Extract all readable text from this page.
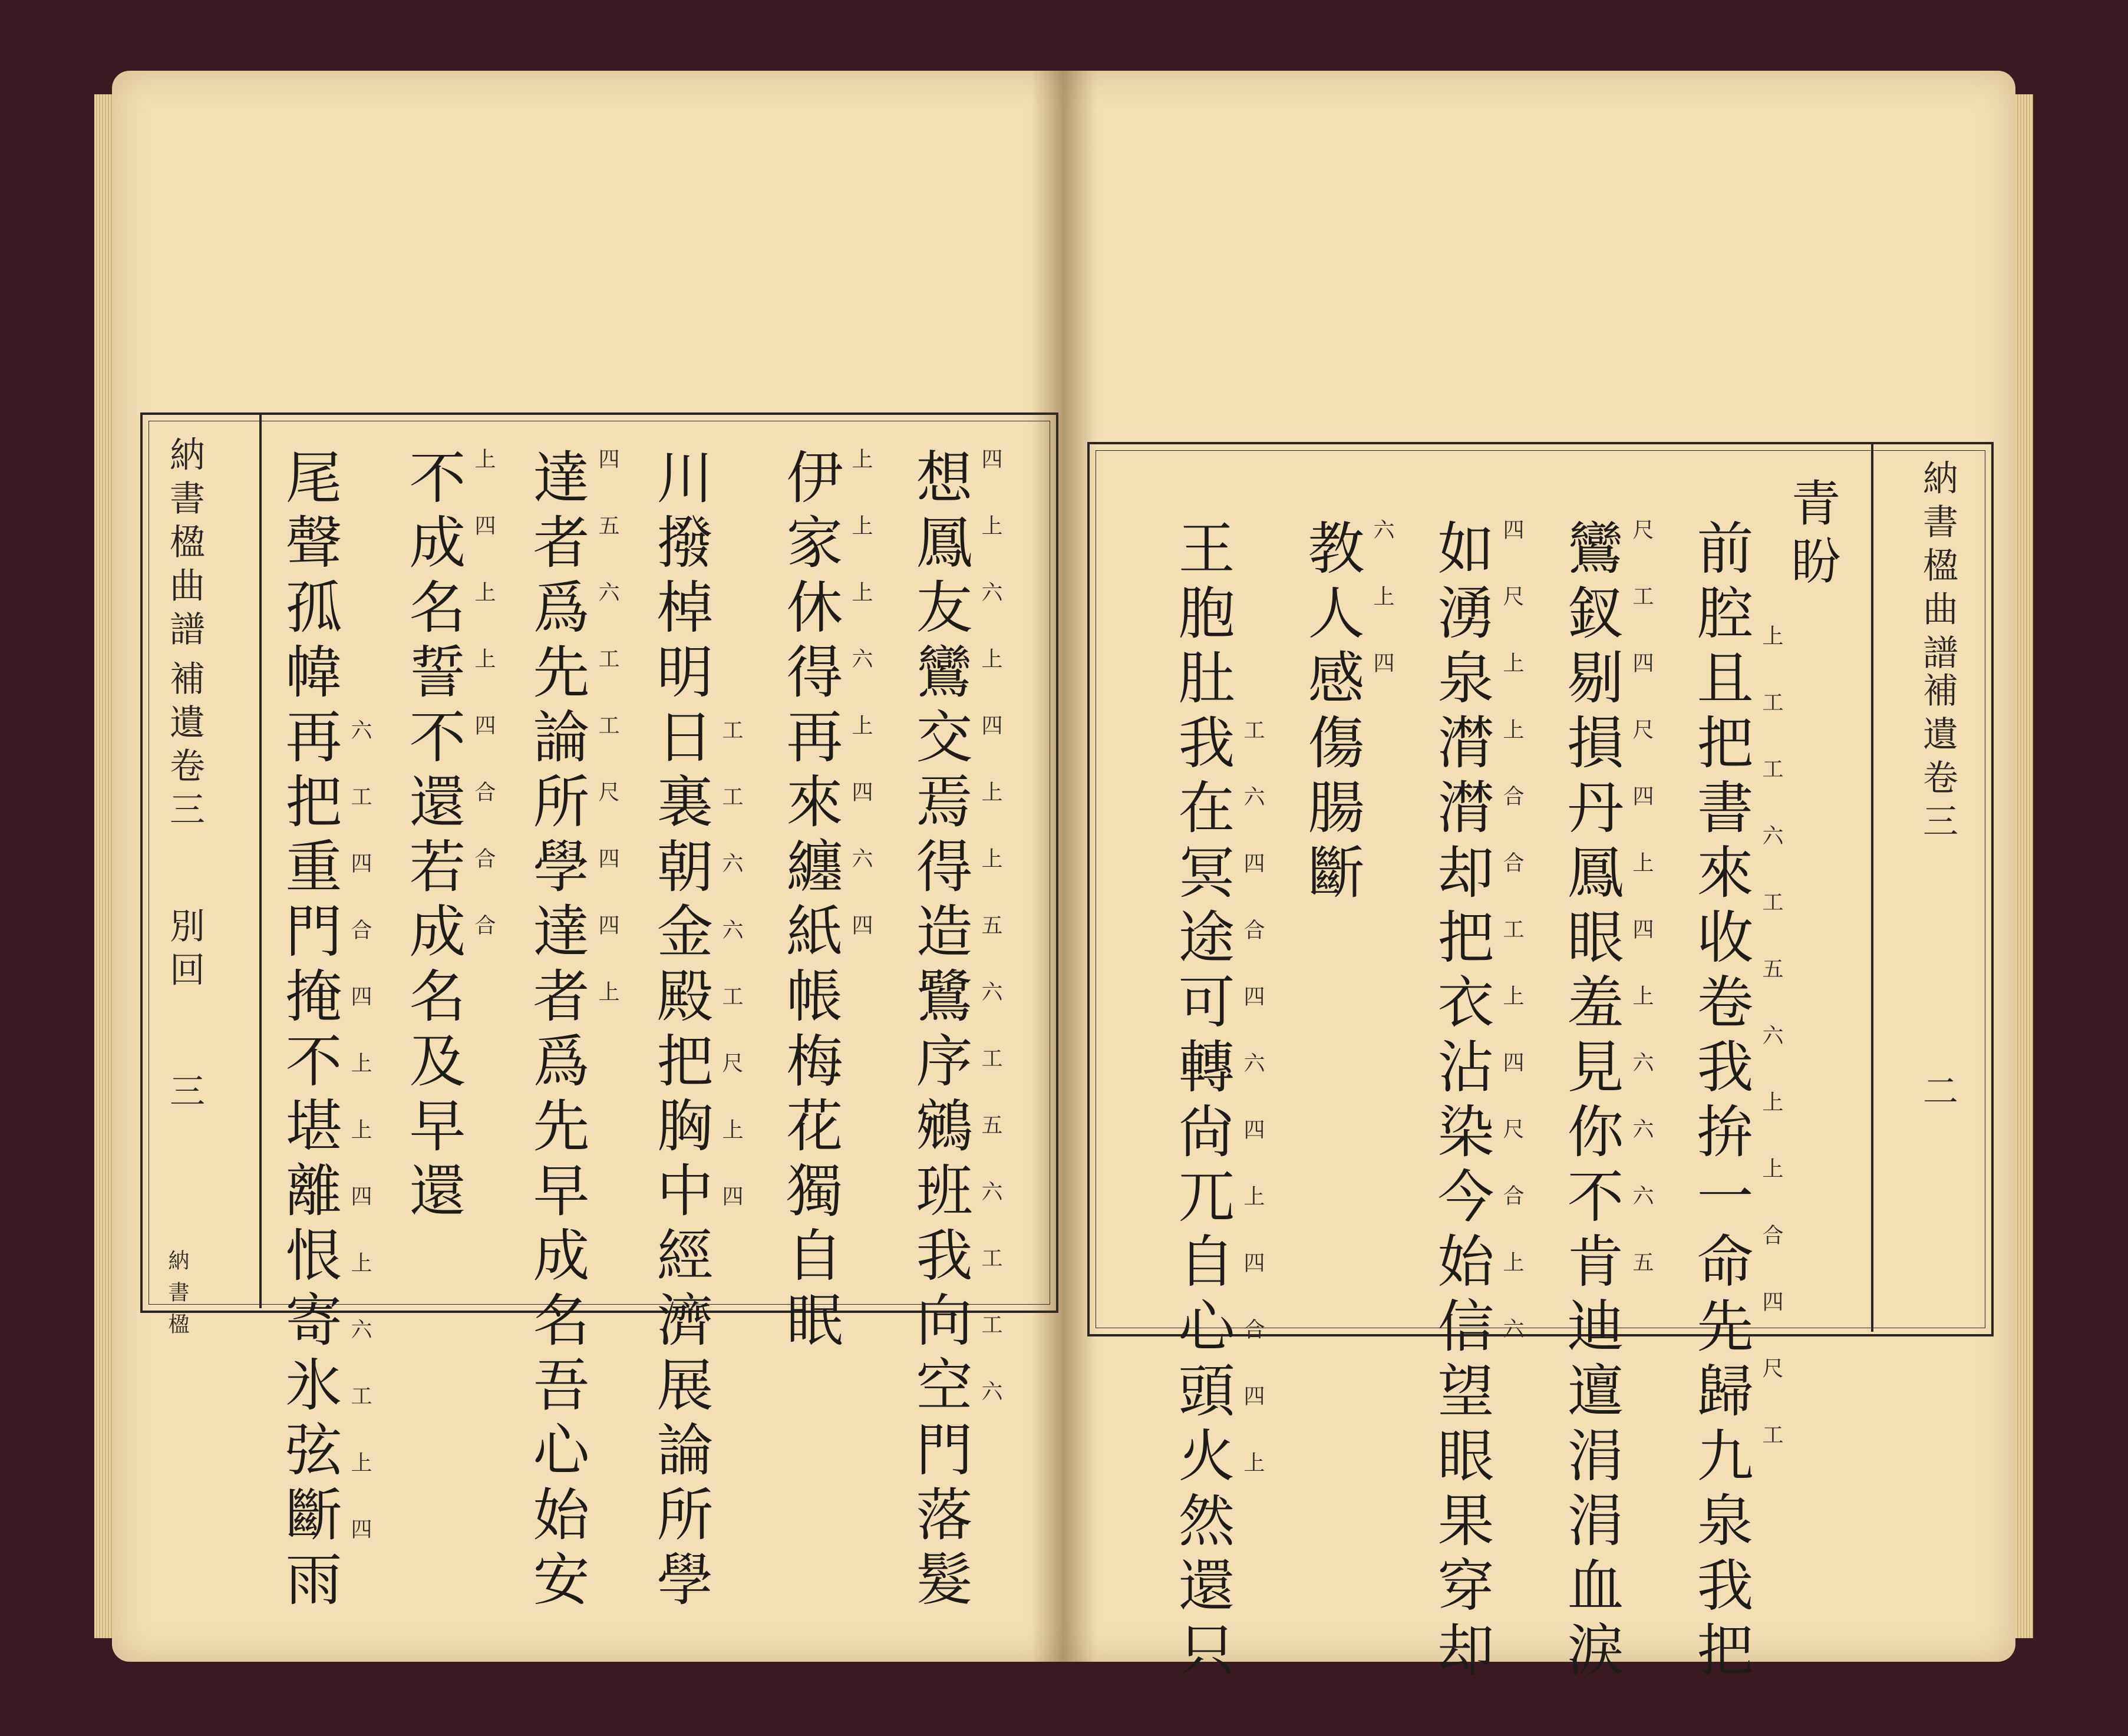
納書楹曲譜
補遺卷三
別回
三
納書楹	想鳳友鸞交焉得造鷺序鵷班我向空門落髮 四 上 六 上 四 上 上 五 六 工 五 六 工 工 六
伊家休得再來纏紙帳梅花獨自眠 上 上 上 六 上 四 六 四
川撥棹明日裏朝金殿把胸中經濟展論所學 工 工 六 六 工 尺 上 四
達者爲先論所學達者爲先早成名吾心始安 四 五 六 工 工 尺 四 四 上
不成名誓不還若成名及早還 上 四 上 上 四 合 合 合
尾聲孤幃再把重門掩不堪離恨寄氷弦斷雨 六 工 四 合 四 上 上 四 上 六 工 上 四
納書楹曲譜
補遺卷三
二
青盼
前腔且把書來收卷我拚一命先歸九泉我把 上 工 工 六 工 五 六 上 上 合 四 尺 工
鸞釵剔損丹鳳眼羞見你不肯迪邅涓涓血淚 尺 工 四 尺 四 上 四 上 六 六 六 五
如湧泉潸潸却把衣沾染今始信望眼果穿却 四 尺 上 上 合 合 工 上 四 尺 合 上 六
教人感傷腸斷 六 上 四
王胞肚我在冥途可轉尙兀自心頭火然還只 工 六 四 合 四 六 四 上 四 合 四 上
